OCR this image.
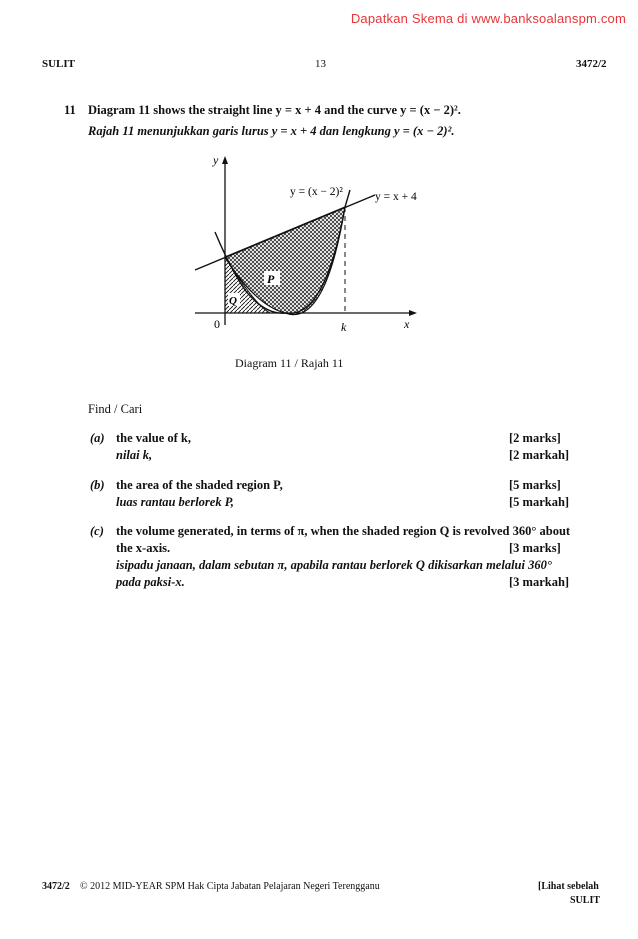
Dapatkan Skema di www.banksoalanspm.com
SULIT	13	3472/2
11 Diagram 11 shows the straight line y = x + 4 and the curve y = (x − 2)².
Rajah 11 menunjukkan garis lurus y = x + 4 dan lengkung y = (x − 2)².
y
x
0	k
y = (x − 2)²	y = x + 4
P
Q
Diagram 11 / Rajah 11
Find / Cari
(a) the value of k,
nilai k,
[2 marks]
[2 markah]
(b) the area of the shaded region P,
luas rantau berlorek P,
[5 marks]
[5 markah]
(c) the volume generated, in terms of π, when the shaded region Q is revolved 360° about
the x-axis.	[3 marks]
isipadu janaan, dalam sebutan π, apabila rantau berlorek Q dikisarkan melalui 360°
pada paksi-x.	[3 markah]
3472/2 © 2012 MID-YEAR SPM Hak Cipta Jabatan Pelajaran Negeri Terengganu	[Lihat sebelah
SULIT
